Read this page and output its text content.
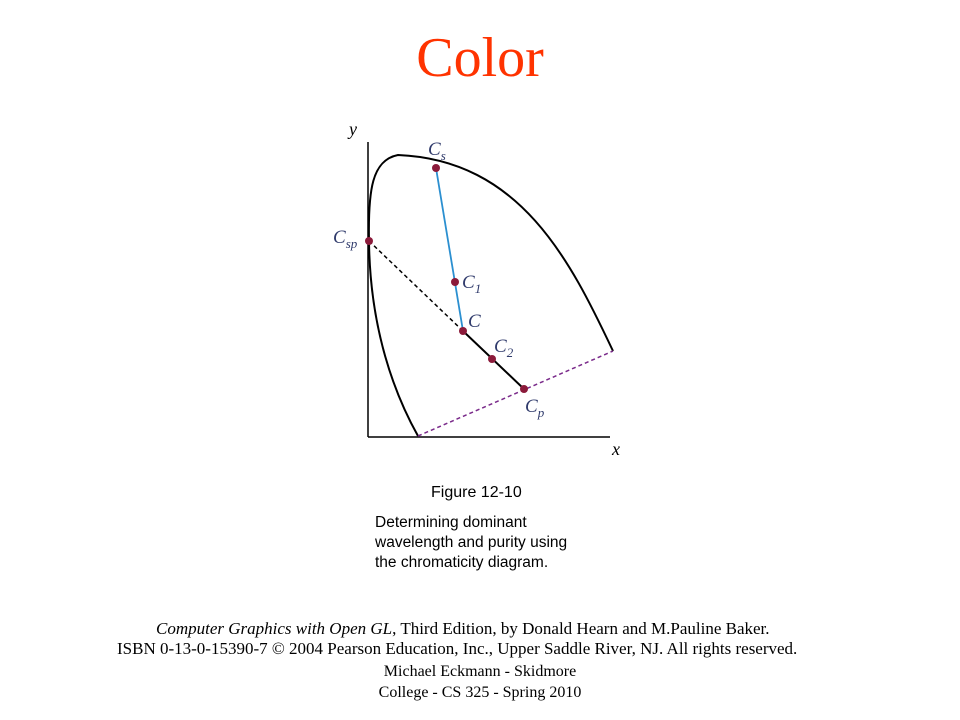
Color
y
x
$C_s$
$C_{sp}$
$C_1$
C
$C_2$
$C_p$
Figure 12-10
Determining dominant
wavelength and purity using
the chromaticity diagram.
Computer Graphics with Open GL, Third Edition, by Donald Hearn and M.Pauline Baker.
ISBN 0-13-0-15390-7 © 2004 Pearson Education, Inc., Upper Saddle River, NJ. All rights reserved.
Michael Eckmann - Skidmore
College - CS 325 - Spring 2010
